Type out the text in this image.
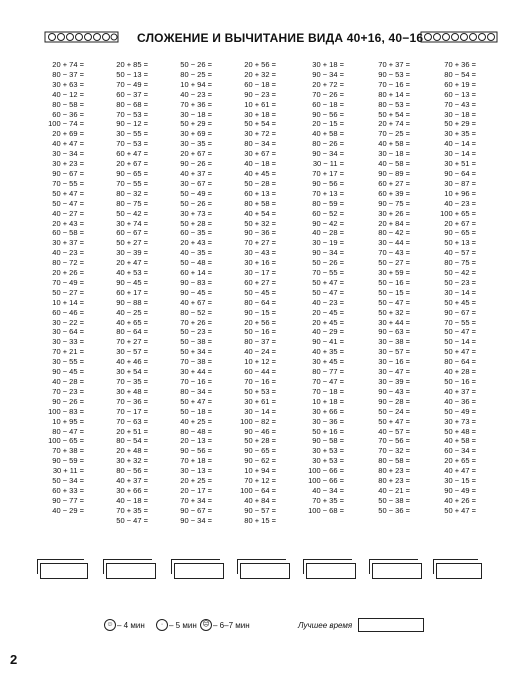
СЛОЖЕНИЕ И ВЫЧИТАНИЕ ВИДА 40+16, 40−16
20 + 74 =
80 − 37 =
30 + 63 =
40 − 12 =
80 − 58 =
60 − 36 =
100 − 74 =
20 + 69 =
40 + 47 =
30 − 34 =
30 + 23 =
90 − 67 =
70 − 55 =
50 + 47 =
50 − 47 =
40 − 27 =
20 + 43 =
60 − 58 =
30 + 37 =
40 − 23 =
80 − 72 =
20 + 26 =
70 − 49 =
50 − 27 =
10 + 14 =
60 − 46 =
30 − 22 =
30 − 64 =
30 − 33 =
70 + 21 =
30 − 55 =
90 − 45 =
40 − 28 =
70 − 23 =
90 − 26 =
100 − 83 =
10 + 95 =
80 − 47 =
100 − 65 =
70 + 38 =
90 − 59 =
30 + 11 =
50 − 34 =
60 + 33 =
90 − 77 =
40 − 29 =
20 + 85 =
50 − 13 =
70 − 49 =
60 − 37 =
80 − 68 =
70 − 53 =
90 − 12 =
30 − 55 =
70 − 53 =
60 + 47 =
20 + 67 =
90 − 65 =
70 − 55 =
80 − 32 =
80 − 75 =
50 − 42 =
30 + 74 =
60 − 67 =
50 + 27 =
30 − 39 =
20 + 47 =
40 + 53 =
90 − 45 =
60 + 17 =
90 − 88 =
40 − 25 =
40 + 65 =
80 − 64 =
70 + 27 =
30 − 57 =
40 + 46 =
30 + 54 =
70 − 35 =
30 + 48 =
70 − 36 =
70 − 17 =
70 − 63 =
20 + 51 =
80 − 54 =
20 + 48 =
30 + 32 =
80 − 56 =
40 + 37 =
30 + 66 =
40 − 18 =
70 + 35 =
50 − 47 =
50 − 26 =
80 − 25 =
10 + 94 =
40 − 23 =
70 + 36 =
30 − 18 =
50 + 29 =
30 + 69 =
30 − 35 =
20 + 67 =
90 − 26 =
40 + 37 =
30 − 67 =
50 − 49 =
50 − 26 =
30 + 73 =
50 + 28 =
60 − 35 =
20 + 43 =
40 − 35 =
50 − 48 =
60 + 14 =
90 − 83 =
90 − 45 =
40 + 67 =
80 − 52 =
70 + 26 =
50 − 23 =
50 − 38 =
50 + 34 =
70 − 38 =
30 + 44 =
70 − 16 =
80 − 34 =
50 + 47 =
50 − 18 =
40 + 25 =
80 − 48 =
20 − 13 =
90 − 56 =
70 + 18 =
30 − 13 =
20 + 25 =
20 − 17 =
70 + 34 =
90 − 67 =
90 − 34 =
20 + 56 =
20 + 32 =
60 − 18 =
90 − 23 =
10 + 61 =
30 + 18 =
50 + 54 =
30 + 72 =
80 − 34 =
30 + 67 =
40 − 18 =
40 + 45 =
50 − 28 =
60 + 13 =
80 + 58 =
40 + 54 =
50 + 32 =
90 − 36 =
70 + 27 =
30 − 43 =
30 + 16 =
30 − 17 =
60 + 27 =
50 − 45 =
80 − 64 =
90 − 15 =
20 + 56 =
50 − 16 =
80 − 37 =
40 − 24 =
10 + 12 =
60 − 44 =
70 − 16 =
50 + 53 =
30 + 61 =
30 − 14 =
100 − 82 =
90 − 46 =
50 + 28 =
90 − 65 =
90 − 62 =
10 + 94 =
70 + 12 =
100 − 64 =
40 + 84 =
90 − 57 =
80 + 15 =
30 + 18 =
90 − 34 =
20 + 72 =
70 − 26 =
60 − 18 =
90 − 56 =
20 − 15 =
40 + 58 =
80 − 26 =
90 − 34 =
30 − 11 =
70 + 17 =
90 − 56 =
70 + 13 =
80 − 59 =
60 − 52 =
90 − 42 =
40 − 28 =
30 − 19 =
90 − 34 =
50 − 26 =
70 − 55 =
50 + 47 =
50 − 47 =
40 − 23 =
20 − 45 =
20 + 45 =
40 − 29 =
90 − 41 =
40 + 35 =
30 + 45 =
80 − 77 =
70 − 47 =
70 − 18 =
10 + 18 =
30 + 66 =
30 − 36 =
50 + 16 =
90 − 58 =
30 + 53 =
30 + 53 =
100 − 66 =
100 − 66 =
40 − 34 =
70 + 35 =
100 − 68 =
70 + 37 =
90 − 53 =
70 − 16 =
80 + 14 =
80 − 53 =
50 + 54 =
20 + 74 =
70 − 25 =
40 + 58 =
30 − 18 =
40 − 58 =
90 − 89 =
60 + 27 =
60 + 39 =
90 − 75 =
30 + 26 =
20 + 84 =
80 − 42 =
30 − 44 =
70 − 43 =
50 − 27 =
30 + 59 =
50 − 16 =
50 − 15 =
50 − 47 =
50 + 32 =
30 + 44 =
90 − 63 =
30 − 38 =
30 − 57 =
30 − 16 =
30 − 47 =
30 − 39 =
90 − 43 =
90 − 28 =
50 − 24 =
50 + 47 =
40 − 57 =
70 − 56 =
70 − 32 =
80 − 58 =
80 + 23 =
80 + 23 =
40 − 21 =
50 − 38 =
50 − 36 =
70 + 36 =
80 − 54 =
60 + 19 =
60 − 13 =
70 − 43 =
30 − 18 =
50 + 29 =
30 + 35 =
40 − 14 =
30 − 14 =
30 + 51 =
90 − 64 =
30 − 87 =
10 + 96 =
40 − 23 =
100 + 65 =
20 + 67 =
90 − 65 =
50 + 13 =
40 − 57 =
80 − 75 =
50 − 42 =
50 − 23 =
30 − 14 =
50 + 45 =
90 − 67 =
70 − 55 =
50 − 47 =
50 − 14 =
50 + 47 =
80 − 64 =
40 + 28 =
50 − 16 =
40 + 37 =
40 − 36 =
50 − 49 =
30 + 73 =
50 + 48 =
40 + 58 =
60 − 34 =
20 + 65 =
40 + 47 =
30 − 15 =
90 − 49 =
40 + 26 =
50 + 47 =
☺ – 4 мин	· – 5 мин ☹ – 6–7 мин	Лучшее время
2
